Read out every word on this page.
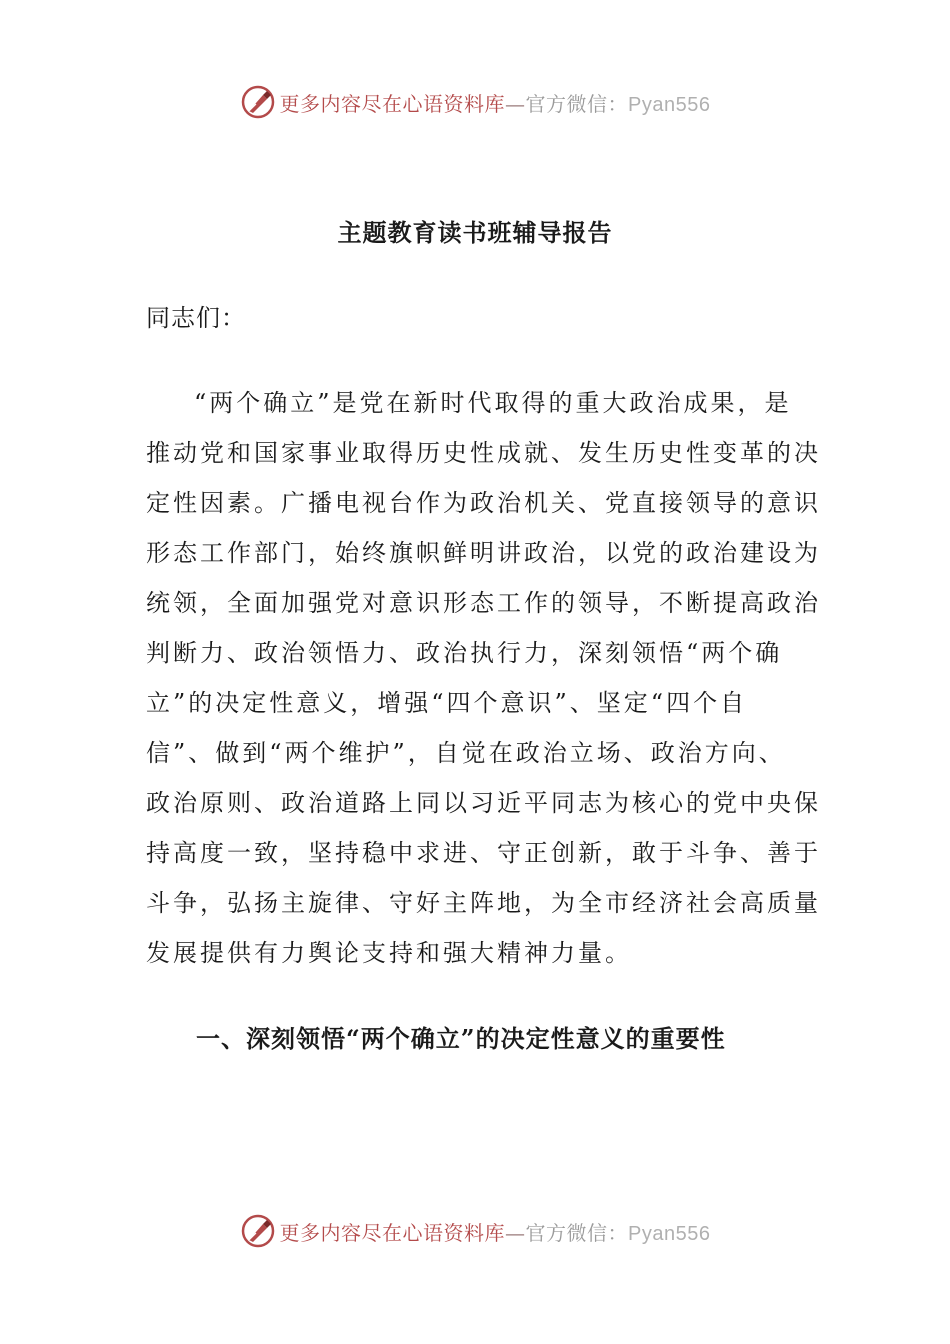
更多内容尽在心语资料库—官方微信：Pyan556
主题教育读书班辅导报告

同志们：

“两个确立”是党在新时代取得的重大政治成果，是
推动党和国家事业取得历史性成就、发生历史性变革的决
定性因素。广播电视台作为政治机关、党直接领导的意识
形态工作部门，始终旗帜鲜明讲政治，以党的政治建设为
统领，全面加强党对意识形态工作的领导，不断提高政治
判断力、政治领悟力、政治执行力，深刻领悟“两个确
立”的决定性意义，增强“四个意识”、坚定“四个自
信”、做到“两个维护”，自觉在政治立场、政治方向、
政治原则、政治道路上同以习近平同志为核心的党中央保
持高度一致，坚持稳中求进、守正创新，敢于斗争、善于
斗争，弘扬主旋律、守好主阵地，为全市经济社会高质量
发展提供有力舆论支持和强大精神力量。
一、深刻领悟“两个确立”的决定性意义的重要性
更多内容尽在心语资料库—官方微信：Pyan556
